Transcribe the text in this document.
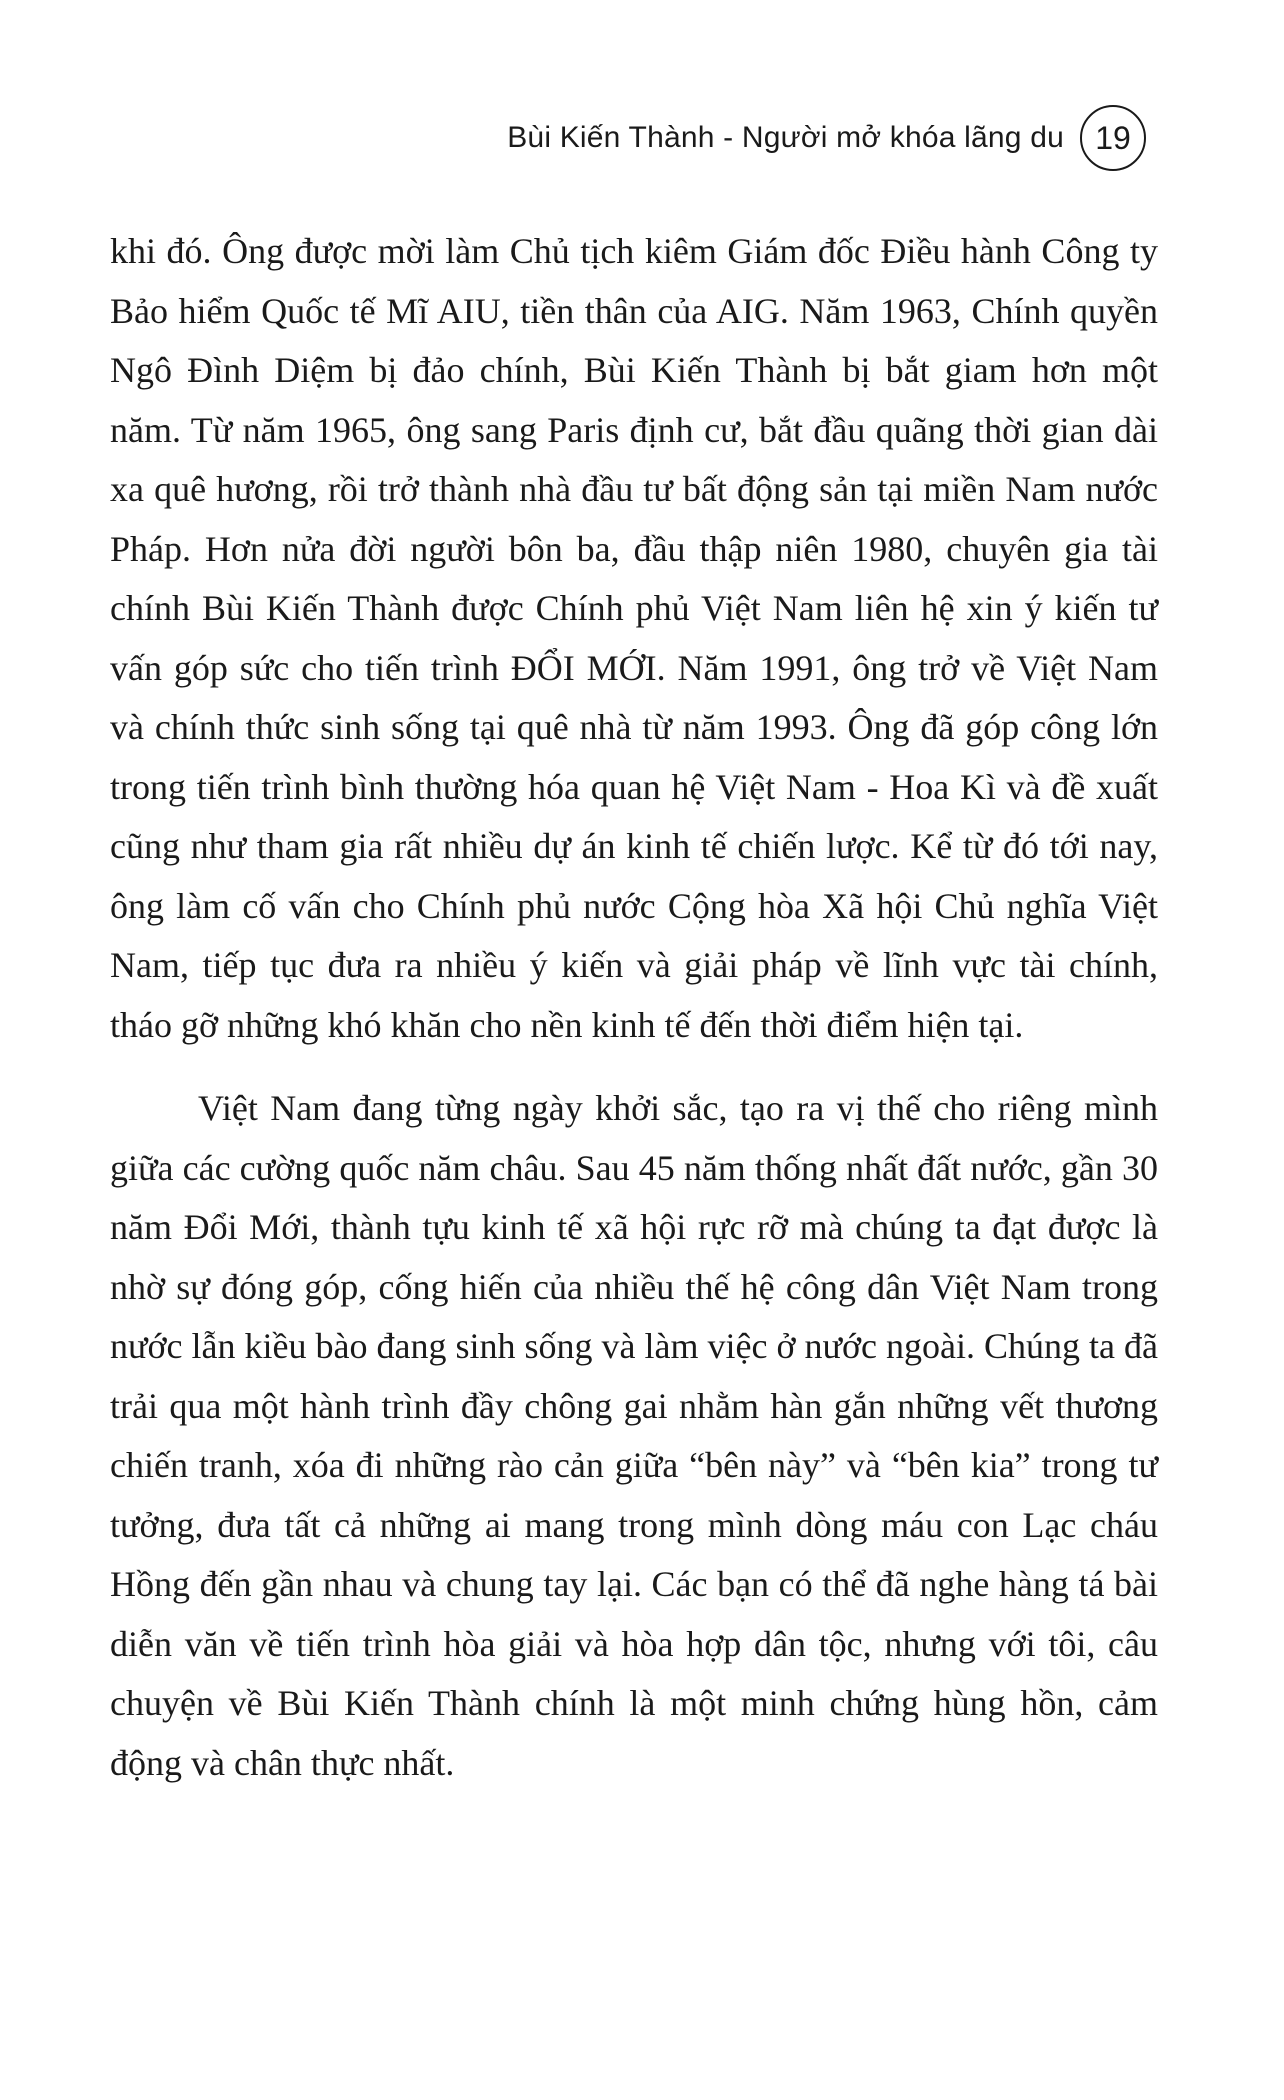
Bùi Kiến Thành - Người mở khóa lãng du 19

khi đó. Ông được mời làm Chủ tịch kiêm Giám đốc Điều hành Công ty Bảo hiểm Quốc tế Mĩ AIU, tiền thân của AIG. Năm 1963, Chính quyền Ngô Đình Diệm bị đảo chính, Bùi Kiến Thành bị bắt giam hơn một năm. Từ năm 1965, ông sang Paris định cư, bắt đầu quãng thời gian dài xa quê hương, rồi trở thành nhà đầu tư bất động sản tại miền Nam nước Pháp. Hơn nửa đời người bôn ba, đầu thập niên 1980, chuyên gia tài chính Bùi Kiến Thành được Chính phủ Việt Nam liên hệ xin ý kiến tư vấn góp sức cho tiến trình ĐỔI MỚI. Năm 1991, ông trở về Việt Nam và chính thức sinh sống tại quê nhà từ năm 1993. Ông đã góp công lớn trong tiến trình bình thường hóa quan hệ Việt Nam - Hoa Kì và đề xuất cũng như tham gia rất nhiều dự án kinh tế chiến lược. Kể từ đó tới nay, ông làm cố vấn cho Chính phủ nước Cộng hòa Xã hội Chủ nghĩa Việt Nam, tiếp tục đưa ra nhiều ý kiến và giải pháp về lĩnh vực tài chính, tháo gỡ những khó khăn cho nền kinh tế đến thời điểm hiện tại.

Việt Nam đang từng ngày khởi sắc, tạo ra vị thế cho riêng mình giữa các cường quốc năm châu. Sau 45 năm thống nhất đất nước, gần 30 năm Đổi Mới, thành tựu kinh tế xã hội rực rỡ mà chúng ta đạt được là nhờ sự đóng góp, cống hiến của nhiều thế hệ công dân Việt Nam trong nước lẫn kiều bào đang sinh sống và làm việc ở nước ngoài. Chúng ta đã trải qua một hành trình đầy chông gai nhằm hàn gắn những vết thương chiến tranh, xóa đi những rào cản giữa “bên này” và “bên kia” trong tư tưởng, đưa tất cả những ai mang trong mình dòng máu con Lạc cháu Hồng đến gần nhau và chung tay lại. Các bạn có thể đã nghe hàng tá bài diễn văn về tiến trình hòa giải và hòa hợp dân tộc, nhưng với tôi, câu chuyện về Bùi Kiến Thành chính là một minh chứng hùng hồn, cảm động và chân thực nhất.
